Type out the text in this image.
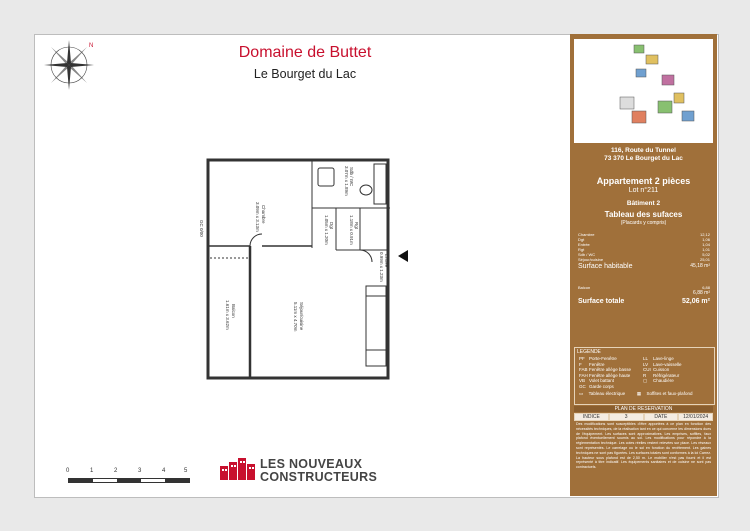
N	Domaine de Buttet
Le Bourget du Lac
Chambre
3.09m x 3.13m
Sdb / WC
3.07m x 1.89m
Dgt
1.05m x 1.20m	Rgt
1.18m x 0.91m
Entrée
0.99m x 1.23m
Séjour/cuisine
5.11m x 4.70m
Balcon
1.61m x 3.62m
GC 0/00
0	1	2	3	4	5	LES NOUVEAUX
CONSTRUCTEURS
116, Route du Tunnel
73 370 Le Bourget du Lac
Appartement 2 pièces
Lot n°211
Bâtiment 2
Tableau des sufaces
(Placards y compris)
Chambre	12,12
Dgt	1,06
Entrée	1,04
Rgt	1,01
Sdb / WC	5,02
Séjour/cuisine	25,01
Surface habitable	45,18 m²
Balcon	6,88
6,88 m²
Surface totale	52,06 m²
LEGENDE
PF Porte-Fenêtre
F	Fenêtre
FAB Fenêtre allège basse
FAH Fenêtre allège haute
VB Volet battant
GC Garde corps
LL	Lave-linge
LV	Lave-vaisselle
CUI Cuisson
R	Réfrigérateur
▢	Chaudière
▭	Tableau électrique	▦	Soffites et faux-plafond
PLAN DE RESERVATION
INDICE	3	DATE	12/01/2024
Des modifications sont susceptibles d'être apportées à ce plan en fonction des nécessités techniques, de la réalisation tant en ce qui concerne les dimensions dues de l'équipement. Les surfaces sont approximatives. Les emprises, soffites, faux plafond éventuellement soumis au sol. Les modifications pour répondre à la réglementation technique. Les cotes réelles restent relevées sur place. Les réseaux sont représentés. Le carrelage ou le sol en fonction du revêtement. Les gaines techniques ne sont pas figurées. Les surfaces totales sont conformes à la loi Carrez. La hauteur sous plafond est de 2,50 m. Le mobilier n'est pas fourni et il est représenté à titre indicatif. Les équipements sanitaires et de cuisine ne sont pas contractuels.
